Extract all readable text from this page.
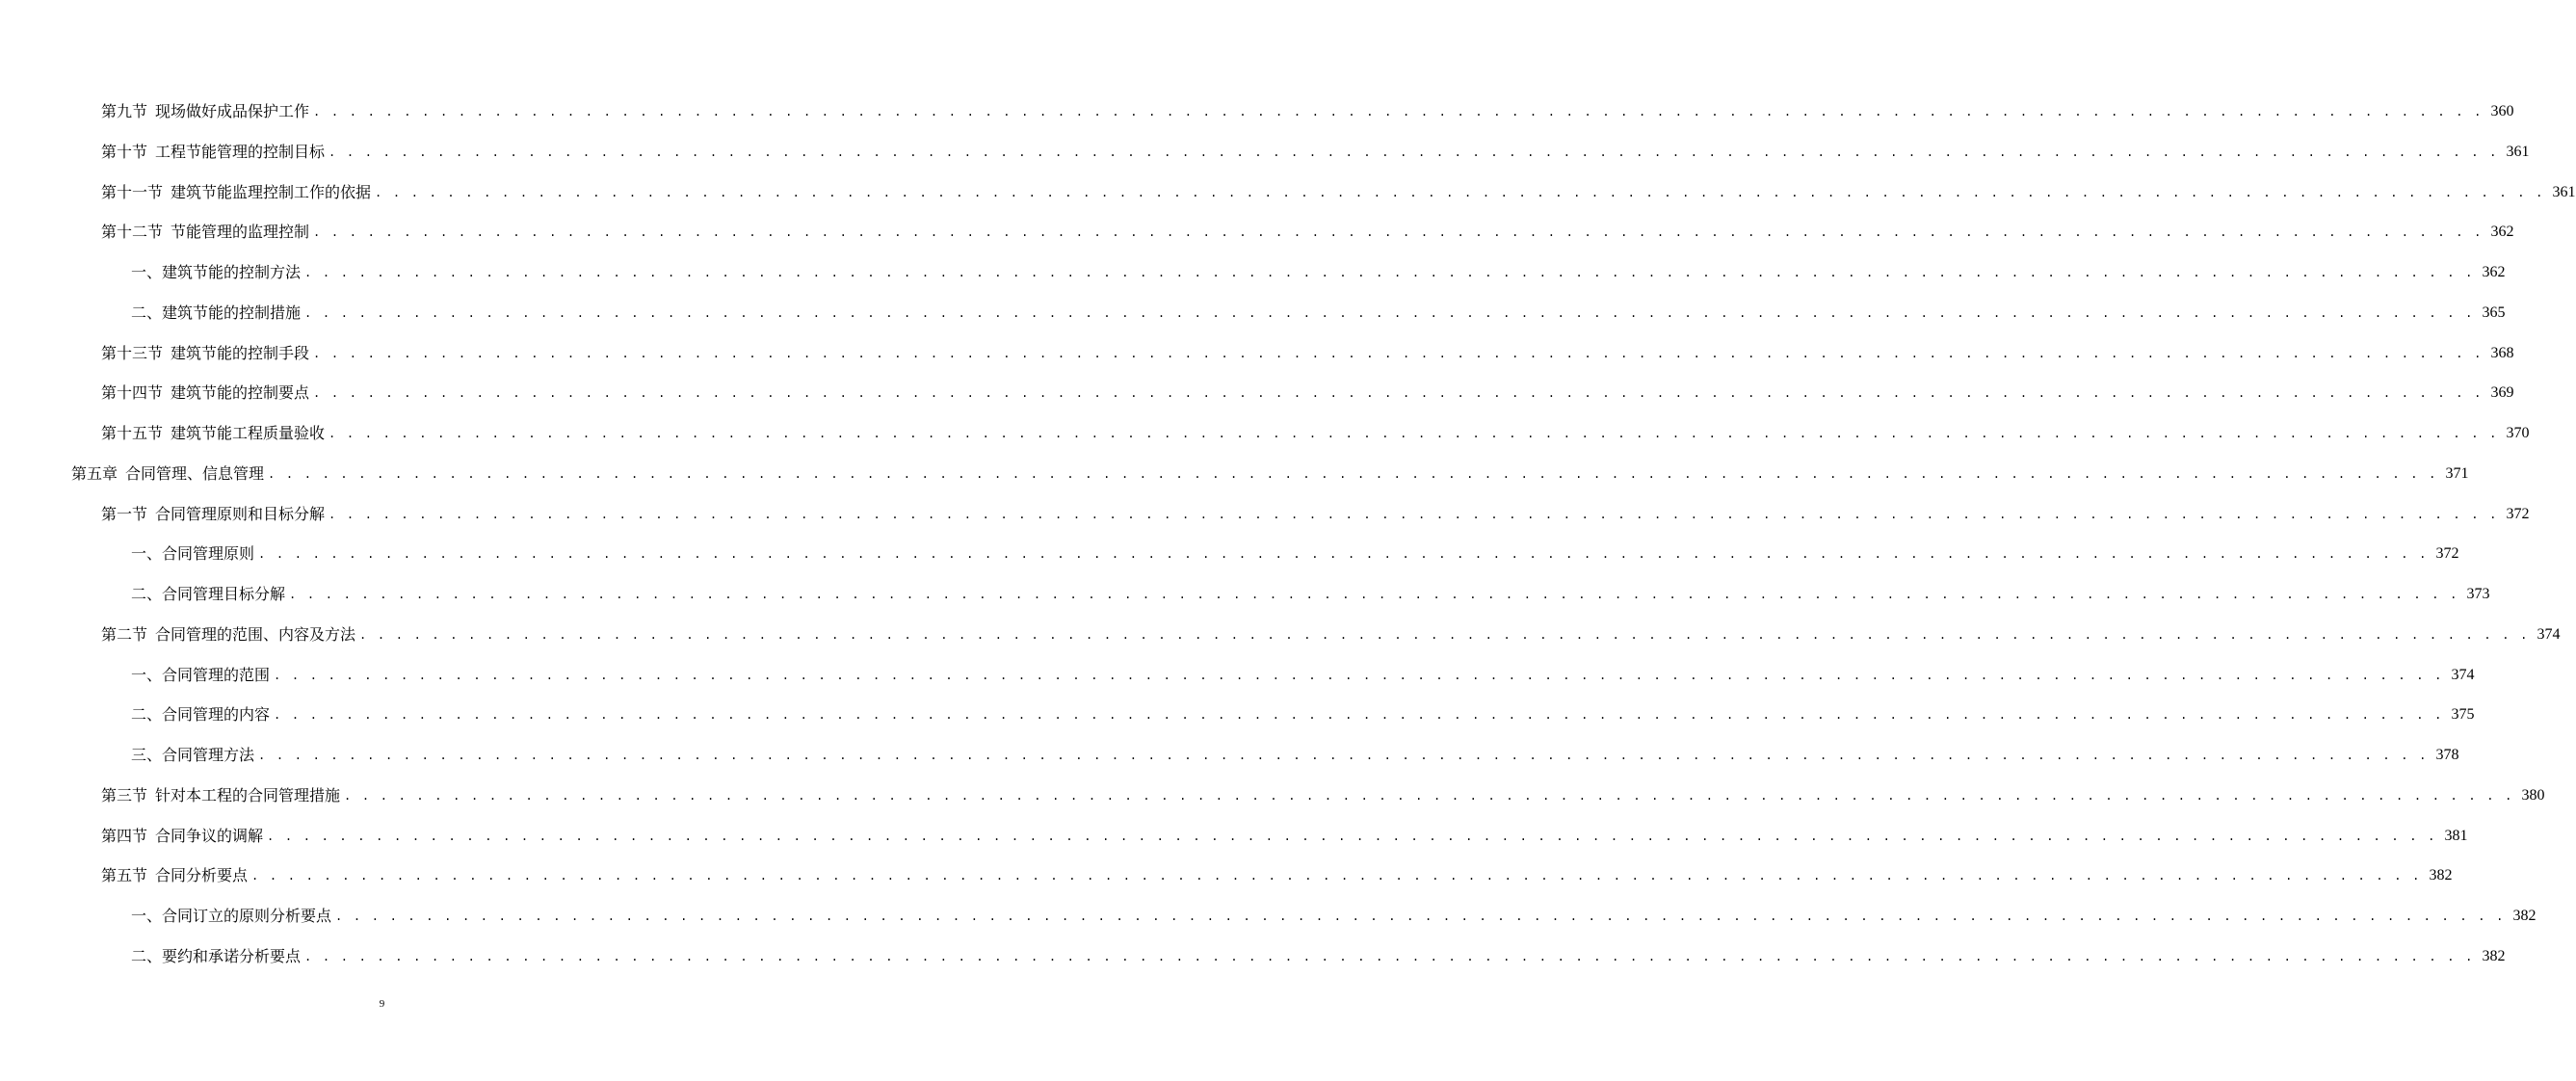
第九节 现场做好成品保护工作 . . . . . . . . . . . . . . . . . . . . . . . . . . . . . . . . . . . . . . . . . . . . . . . . . . . . . . . . . . . . . . . . . . . . . . . . . . . . . . . . . . . . . . . . . . . . . . . . . . . . . . . . . . . . . . . . . . . . . . . . 360
第十节 工程节能管理的控制目标 . . . . . . . . . . . . . . . . . . . . . . . . . . . . . . . . . . . . . . . . . . . . . . . . . . . . . . . . . . . . . . . . . . . . . . . . . . . . . . . . . . . . . . . . . . . . . . . . . . . . . . . . . . . . . . . . . . . . . . . . 361
第十一节 建筑节能监理控制工作的依据 . . . . . . . . . . . . . . . . . . . . . . . . . . . . . . . . . . . . . . . . . . . . . . . . . . . . . . . . . . . . . . . . . . . . . . . . . . . . . . . . . . . . . . . . . . . . . . . . . . . . . . . . . . . . . . . . . . . . . . . . 361
第十二节 节能管理的监理控制 . . . . . . . . . . . . . . . . . . . . . . . . . . . . . . . . . . . . . . . . . . . . . . . . . . . . . . . . . . . . . . . . . . . . . . . . . . . . . . . . . . . . . . . . . . . . . . . . . . . . . . . . . . . . . . . . . . . . . . . . 362
一、建筑节能的控制方法 . . . . . . . . . . . . . . . . . . . . . . . . . . . . . . . . . . . . . . . . . . . . . . . . . . . . . . . . . . . . . . . . . . . . . . . . . . . . . . . . . . . . . . . . . . . . . . . . . . . . . . . . . . . . . . . . . . . . . . . . 362
二、建筑节能的控制措施 . . . . . . . . . . . . . . . . . . . . . . . . . . . . . . . . . . . . . . . . . . . . . . . . . . . . . . . . . . . . . . . . . . . . . . . . . . . . . . . . . . . . . . . . . . . . . . . . . . . . . . . . . . . . . . . . . . . . . . . . 365
第十三节 建筑节能的控制手段 . . . . . . . . . . . . . . . . . . . . . . . . . . . . . . . . . . . . . . . . . . . . . . . . . . . . . . . . . . . . . . . . . . . . . . . . . . . . . . . . . . . . . . . . . . . . . . . . . . . . . . . . . . . . . . . . . . . . . . . . 368
第十四节 建筑节能的控制要点 . . . . . . . . . . . . . . . . . . . . . . . . . . . . . . . . . . . . . . . . . . . . . . . . . . . . . . . . . . . . . . . . . . . . . . . . . . . . . . . . . . . . . . . . . . . . . . . . . . . . . . . . . . . . . . . . . . . . . . . . 369
第十五节 建筑节能工程质量验收 . . . . . . . . . . . . . . . . . . . . . . . . . . . . . . . . . . . . . . . . . . . . . . . . . . . . . . . . . . . . . . . . . . . . . . . . . . . . . . . . . . . . . . . . . . . . . . . . . . . . . . . . . . . . . . . . . . . . . . . . 370
第五章 合同管理、信息管理 . . . . . . . . . . . . . . . . . . . . . . . . . . . . . . . . . . . . . . . . . . . . . . . . . . . . . . . . . . . . . . . . . . . . . . . . . . . . . . . . . . . . . . . . . . . . . . . . . . . . . . . . . . . . . . . . . . . . . . . . 371
第一节 合同管理原则和目标分解 . . . . . . . . . . . . . . . . . . . . . . . . . . . . . . . . . . . . . . . . . . . . . . . . . . . . . . . . . . . . . . . . . . . . . . . . . . . . . . . . . . . . . . . . . . . . . . . . . . . . . . . . . . . . . . . . . . . . . . . . 372
一、合同管理原则 . . . . . . . . . . . . . . . . . . . . . . . . . . . . . . . . . . . . . . . . . . . . . . . . . . . . . . . . . . . . . . . . . . . . . . . . . . . . . . . . . . . . . . . . . . . . . . . . . . . . . . . . . . . . . . . . . . . . . . . . 372
二、合同管理目标分解 . . . . . . . . . . . . . . . . . . . . . . . . . . . . . . . . . . . . . . . . . . . . . . . . . . . . . . . . . . . . . . . . . . . . . . . . . . . . . . . . . . . . . . . . . . . . . . . . . . . . . . . . . . . . . . . . . . . . . . . . 373
第二节 合同管理的范围、内容及方法 . . . . . . . . . . . . . . . . . . . . . . . . . . . . . . . . . . . . . . . . . . . . . . . . . . . . . . . . . . . . . . . . . . . . . . . . . . . . . . . . . . . . . . . . . . . . . . . . . . . . . . . . . . . . . . . . . . . . . . . . 374
一、合同管理的范围 . . . . . . . . . . . . . . . . . . . . . . . . . . . . . . . . . . . . . . . . . . . . . . . . . . . . . . . . . . . . . . . . . . . . . . . . . . . . . . . . . . . . . . . . . . . . . . . . . . . . . . . . . . . . . . . . . . . . . . . . 374
二、合同管理的内容 . . . . . . . . . . . . . . . . . . . . . . . . . . . . . . . . . . . . . . . . . . . . . . . . . . . . . . . . . . . . . . . . . . . . . . . . . . . . . . . . . . . . . . . . . . . . . . . . . . . . . . . . . . . . . . . . . . . . . . . . 375
三、合同管理方法 . . . . . . . . . . . . . . . . . . . . . . . . . . . . . . . . . . . . . . . . . . . . . . . . . . . . . . . . . . . . . . . . . . . . . . . . . . . . . . . . . . . . . . . . . . . . . . . . . . . . . . . . . . . . . . . . . . . . . . . . 378
第三节 针对本工程的合同管理措施 . . . . . . . . . . . . . . . . . . . . . . . . . . . . . . . . . . . . . . . . . . . . . . . . . . . . . . . . . . . . . . . . . . . . . . . . . . . . . . . . . . . . . . . . . . . . . . . . . . . . . . . . . . . . . . . . . . . . . . . . 380
第四节 合同争议的调解 . . . . . . . . . . . . . . . . . . . . . . . . . . . . . . . . . . . . . . . . . . . . . . . . . . . . . . . . . . . . . . . . . . . . . . . . . . . . . . . . . . . . . . . . . . . . . . . . . . . . . . . . . . . . . . . . . . . . . . . . 381
第五节 合同分析要点 . . . . . . . . . . . . . . . . . . . . . . . . . . . . . . . . . . . . . . . . . . . . . . . . . . . . . . . . . . . . . . . . . . . . . . . . . . . . . . . . . . . . . . . . . . . . . . . . . . . . . . . . . . . . . . . . . . . . . . . . 382
一、合同订立的原则分析要点 . . . . . . . . . . . . . . . . . . . . . . . . . . . . . . . . . . . . . . . . . . . . . . . . . . . . . . . . . . . . . . . . . . . . . . . . . . . . . . . . . . . . . . . . . . . . . . . . . . . . . . . . . . . . . . . . . . . . . . . . 382
二、要约和承诺分析要点 . . . . . . . . . . . . . . . . . . . . . . . . . . . . . . . . . . . . . . . . . . . . . . . . . . . . . . . . . . . . . . . . . . . . . . . . . . . . . . . . . . . . . . . . . . . . . . . . . . . . . . . . . . . . . . . . . . . . . . . . 382
9
